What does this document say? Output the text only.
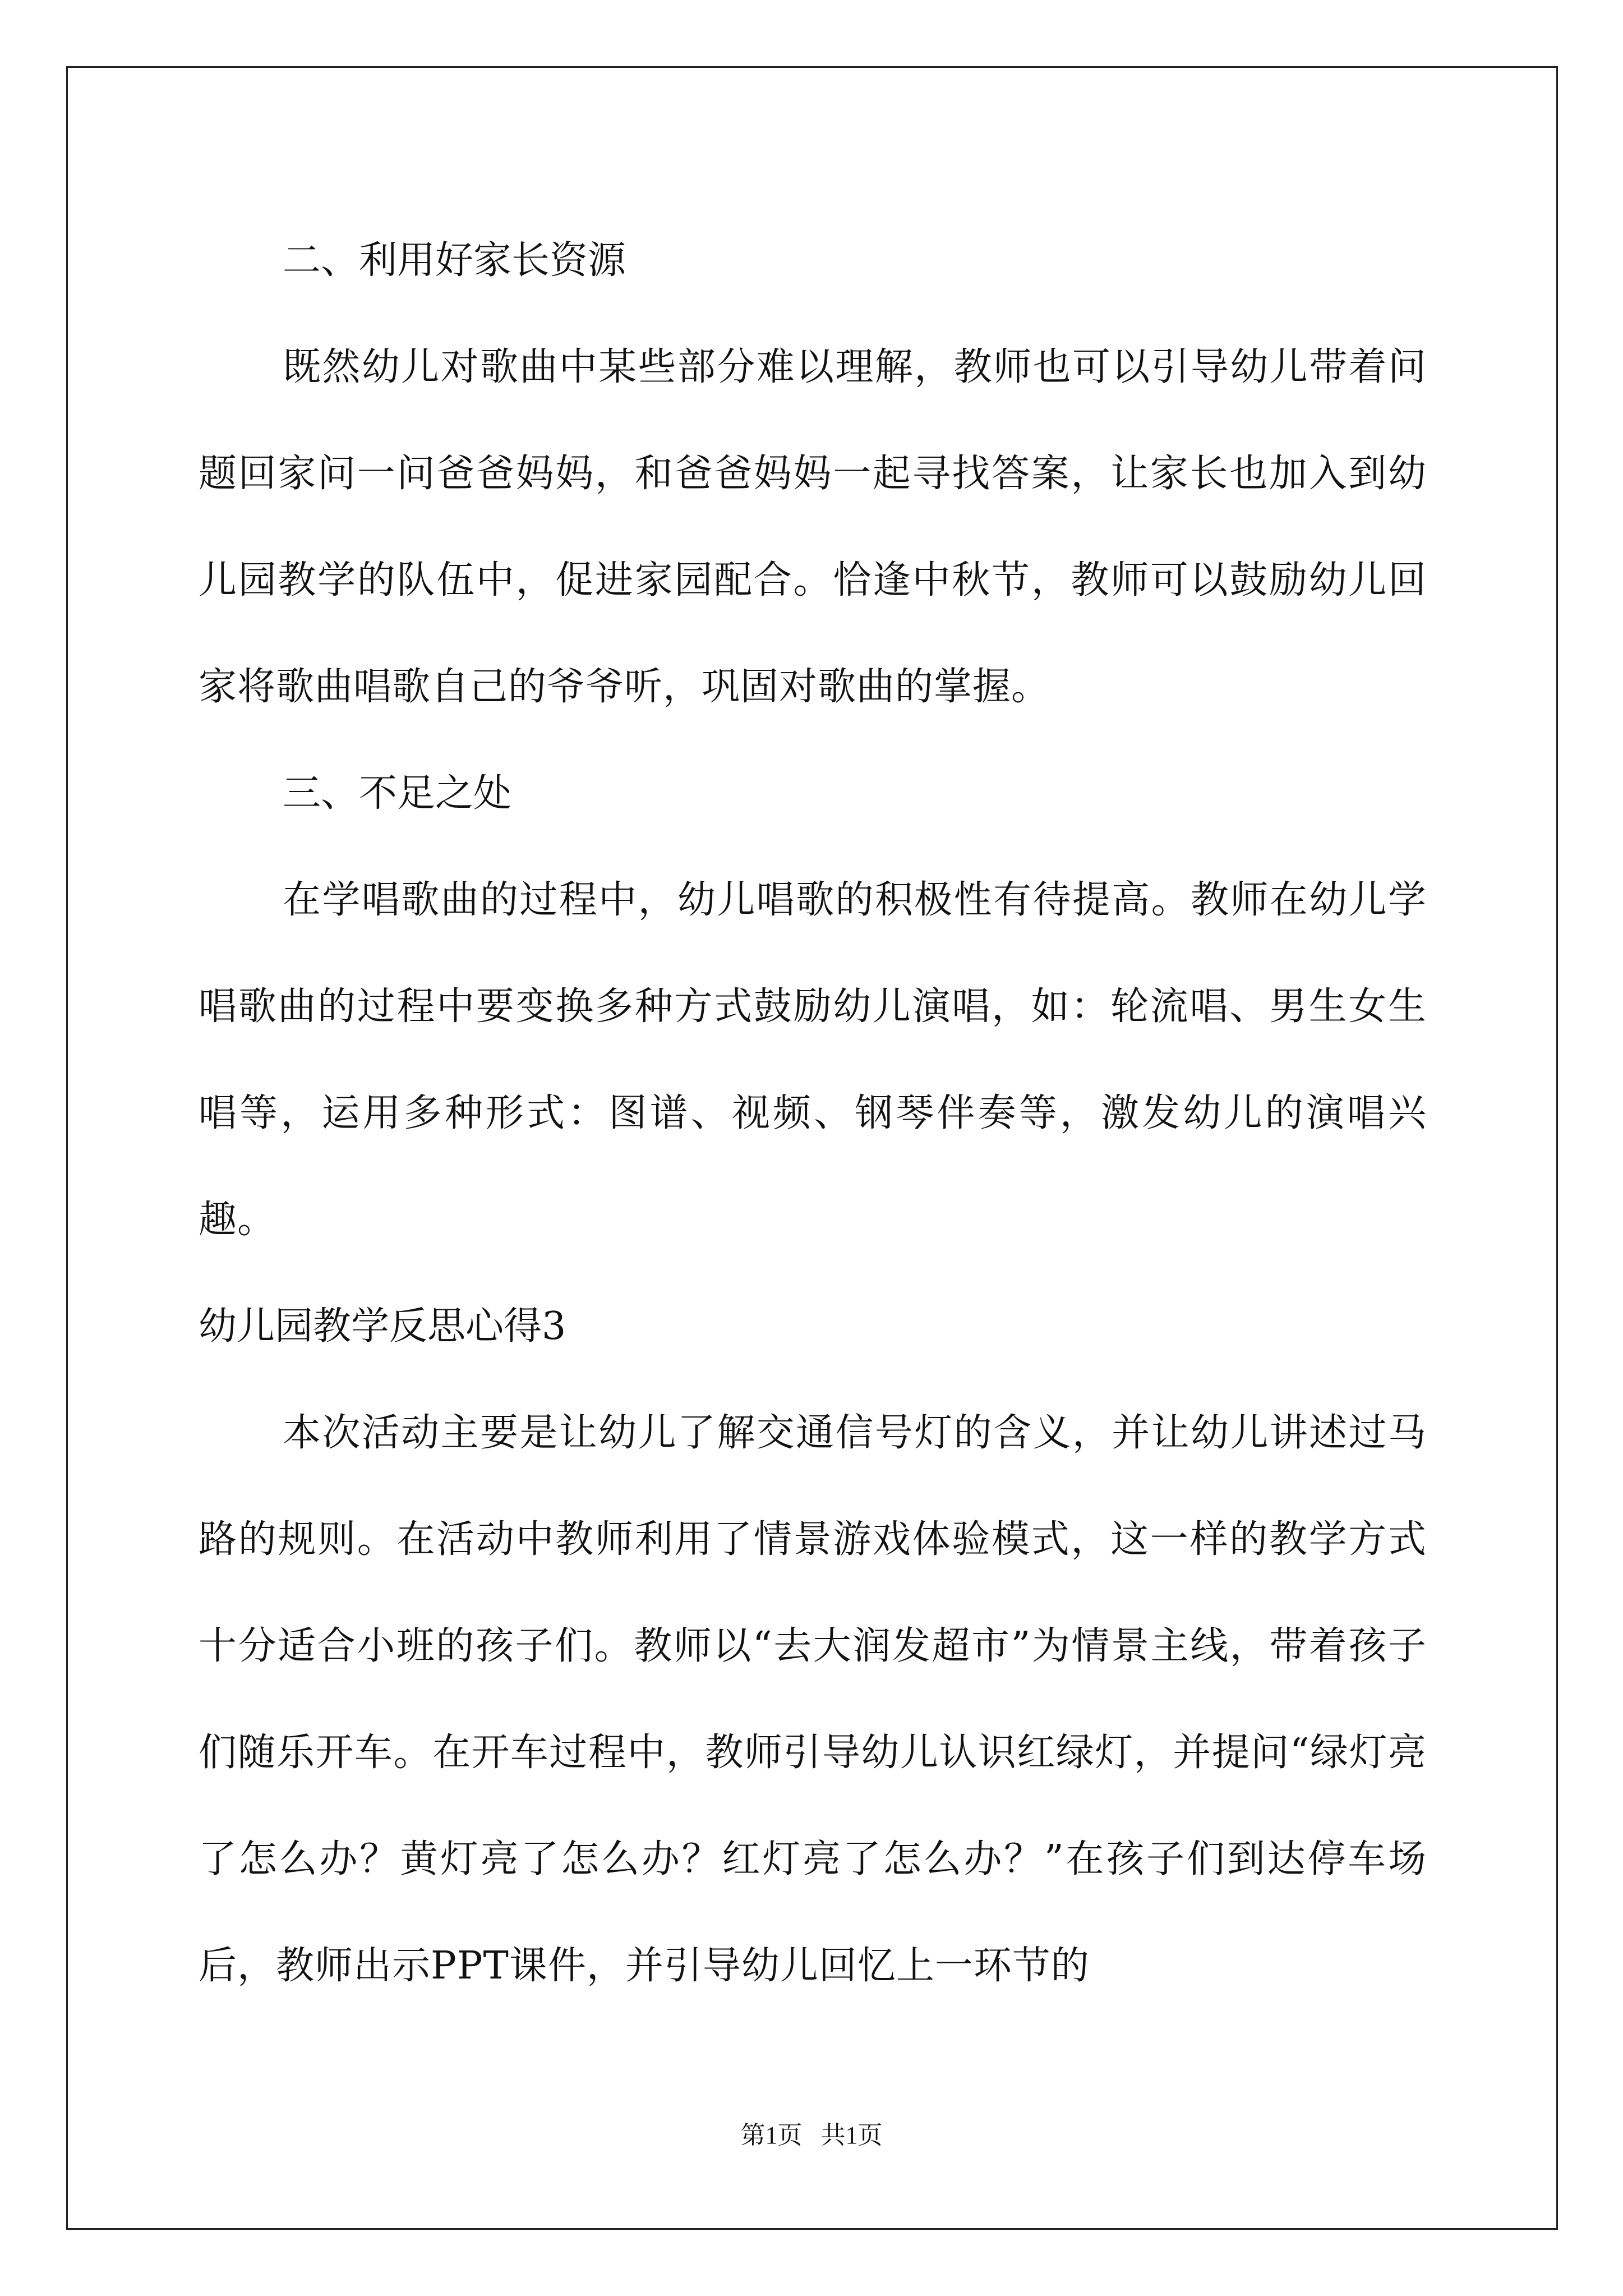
二、利用好家长资源

既然幼儿对歌曲中某些部分难以理解，教师也可以引导幼儿带着问题回家问一问爸爸妈妈，和爸爸妈妈一起寻找答案，让家长也加入到幼儿园教学的队伍中，促进家园配合。恰逢中秋节，教师可以鼓励幼儿回家将歌曲唱歌自己的爷爷听，巩固对歌曲的掌握。

三、不足之处

在学唱歌曲的过程中，幼儿唱歌的积极性有待提高。教师在幼儿学唱歌曲的过程中要变换多种方式鼓励幼儿演唱，如：轮流唱、男生女生唱等，运用多种形式：图谱、视频、钢琴伴奏等，激发幼儿的演唱兴趣。

幼儿园教学反思心得3

本次活动主要是让幼儿了解交通信号灯的含义，并让幼儿讲述过马路的规则。在活动中教师利用了情景游戏体验模式，这一样的教学方式十分适合小班的孩子们。教师以“去大润发超市”为情景主线，带着孩子们随乐开车。在开车过程中，教师引导幼儿认识红绿灯，并提问“绿灯亮了怎么办？黄灯亮了怎么办？红灯亮了怎么办？”在孩子们到达停车场后，教师出示PPT课件，并引导幼儿回忆上一环节的

第1页   共1页
